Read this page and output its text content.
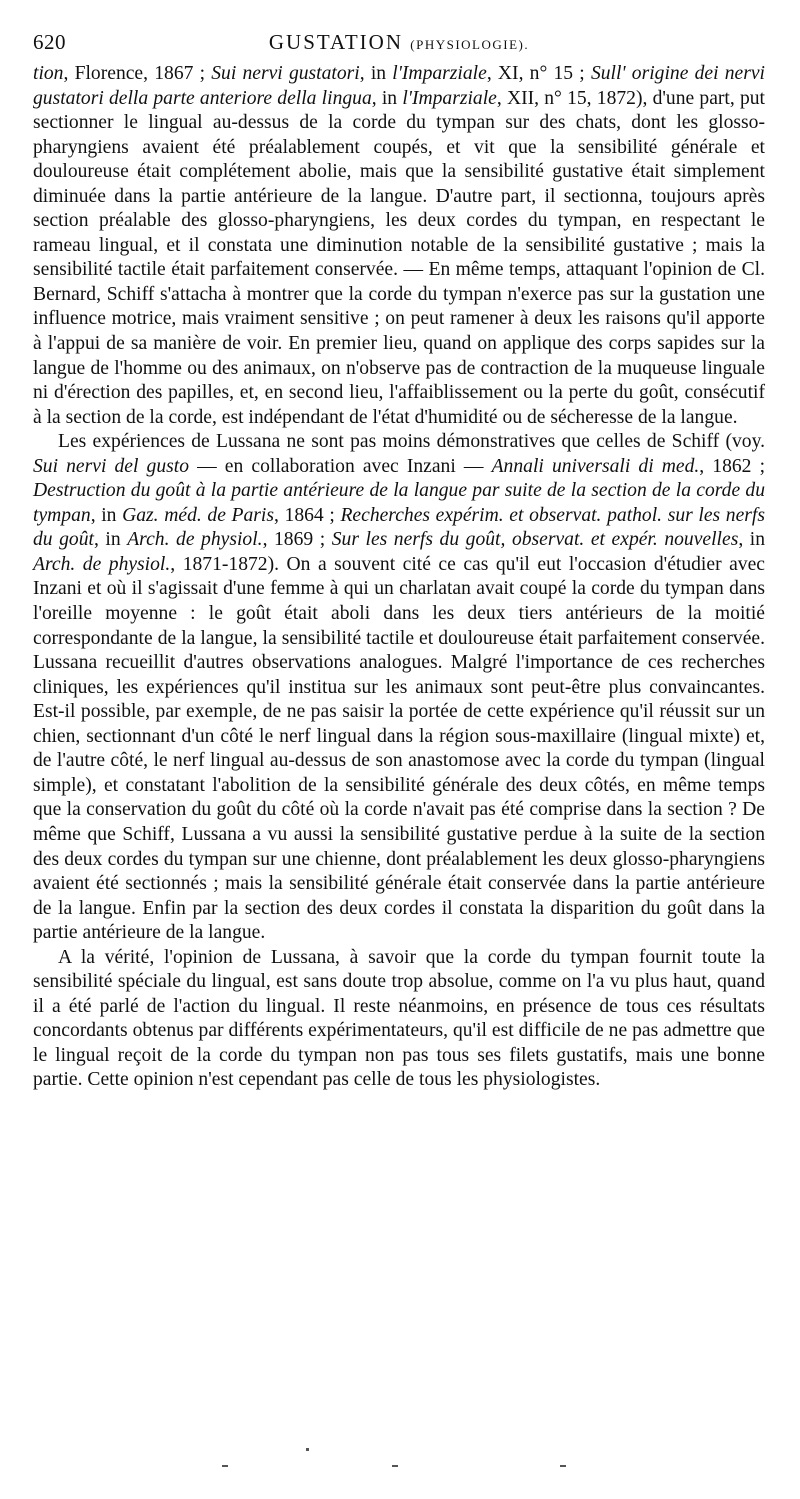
620	GUSTATION (PHYSIOLOGIE).

tion, Florence, 1867 ; Sui nervi gustatori, in l'Imparziale, XI, n° 15 ; Sull' origine dei nervi gustatori della parte anteriore della lingua, in l'Imparziale, XII, n° 15, 1872), d'une part, put sectionner le lingual au-dessus de la corde du tympan sur des chats, dont les glosso-pharyngiens avaient été préalablement coupés, et vit que la sensibilité générale et douloureuse était complétement abolie, mais que la sensibilité gustative était simplement diminuée dans la partie antérieure de la langue. D'autre part, il sectionna, toujours après section préalable des glosso-pharyngiens, les deux cordes du tympan, en respectant le rameau lingual, et il constata une diminution notable de la sensibilité gustative ; mais la sensibilité tactile était parfaitement conservée. — En même temps, attaquant l'opinion de Cl. Bernard, Schiff s'attacha à montrer que la corde du tympan n'exerce pas sur la gustation une influence motrice, mais vraiment sensitive ; on peut ramener à deux les raisons qu'il apporte à l'appui de sa manière de voir. En premier lieu, quand on applique des corps sapides sur la langue de l'homme ou des animaux, on n'observe pas de contraction de la muqueuse linguale ni d'érection des papilles, et, en second lieu, l'affaiblissement ou la perte du goût, consécutif à la section de la corde, est indépendant de l'état d'humidité ou de sécheresse de la langue.

Les expériences de Lussana ne sont pas moins démonstratives que celles de Schiff (voy. Sui nervi del gusto — en collaboration avec Inzani — Annali universali di med., 1862 ; Destruction du goût à la partie antérieure de la langue par suite de la section de la corde du tympan, in Gaz. méd. de Paris, 1864 ; Recherches expérim. et observat. pathol. sur les nerfs du goût, in Arch. de physiol., 1869 ; Sur les nerfs du goût, observat. et expér. nouvelles, in Arch. de physiol., 1871-1872). On a souvent cité ce cas qu'il eut l'occasion d'étudier avec Inzani et où il s'agissait d'une femme à qui un charlatan avait coupé la corde du tympan dans l'oreille moyenne : le goût était aboli dans les deux tiers antérieurs de la moitié correspondante de la langue, la sensibilité tactile et douloureuse était parfaitement conservée. Lussana recueillit d'autres observations analogues. Malgré l'importance de ces recherches cliniques, les expériences qu'il institua sur les animaux sont peut-être plus convaincantes. Est-il possible, par exemple, de ne pas saisir la portée de cette expérience qu'il réussit sur un chien, sectionnant d'un côté le nerf lingual dans la région sous-maxillaire (lingual mixte) et, de l'autre côté, le nerf lingual au-dessus de son anastomose avec la corde du tympan (lingual simple), et constatant l'abolition de la sensibilité générale des deux côtés, en même temps que la conservation du goût du côté où la corde n'avait pas été comprise dans la section ? De même que Schiff, Lussana a vu aussi la sensibilité gustative perdue à la suite de la section des deux cordes du tympan sur une chienne, dont préalablement les deux glosso-pharyngiens avaient été sectionnés ; mais la sensibilité générale était conservée dans la partie antérieure de la langue. Enfin par la section des deux cordes il constata la disparition du goût dans la partie antérieure de la langue.

A la vérité, l'opinion de Lussana, à savoir que la corde du tympan fournit toute la sensibilité spéciale du lingual, est sans doute trop absolue, comme on l'a vu plus haut, quand il a été parlé de l'action du lingual. Il reste néanmoins, en présence de tous ces résultats concordants obtenus par différents expérimentateurs, qu'il est difficile de ne pas admettre que le lingual reçoit de la corde du tympan non pas tous ses filets gustatifs, mais une bonne partie. Cette opinion n'est cependant pas celle de tous les physiologistes.
